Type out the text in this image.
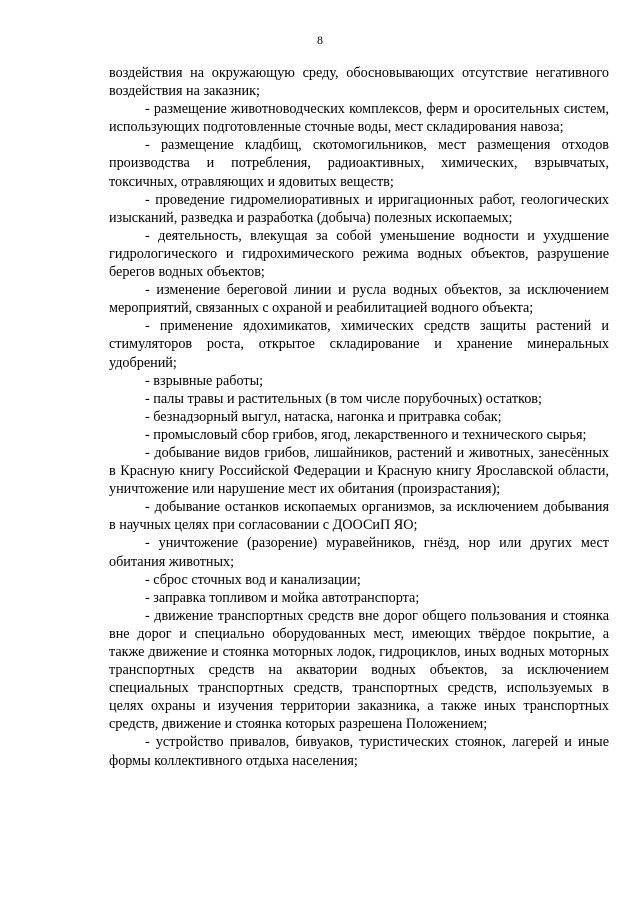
8

воздействия на окружающую среду, обосновывающих отсутствие негативного воздействия на заказник;

- размещение животноводческих комплексов, ферм и оросительных систем, использующих подготовленные сточные воды, мест складирования навоза;

- размещение кладбищ, скотомогильников, мест размещения отходов производства и потребления, радиоактивных, химических, взрывчатых, токсичных, отравляющих и ядовитых веществ;

- проведение гидромелиоративных и ирригационных работ, геологических изысканий, разведка и разработка (добыча) полезных ископаемых;

- деятельность, влекущая за собой уменьшение водности и ухудшение гидрологического и гидрохимического режима водных объектов, разрушение берегов водных объектов;

- изменение береговой линии и русла водных объектов, за исключением мероприятий, связанных с охраной и реабилитацией водного объекта;

- применение ядохимикатов, химических средств защиты растений и стимуляторов роста, открытое складирование и хранение минеральных удобрений;

- взрывные работы;

- палы травы и растительных (в том числе порубочных) остатков;

- безнадзорный выгул, натаска, нагонка и притравка собак;

- промысловый сбор грибов, ягод, лекарственного и технического сырья;

- добывание видов грибов, лишайников, растений и животных, занесённых в Красную книгу Российской Федерации и Красную книгу Ярославской области, уничтожение или нарушение мест их обитания (произрастания);

- добывание останков ископаемых организмов, за исключением добывания в научных целях при согласовании с ДООСиП ЯО;

- уничтожение (разорение) муравейников, гнёзд, нор или других мест обитания животных;

- сброс сточных вод и канализации;

- заправка топливом и мойка автотранспорта;

- движение транспортных средств вне дорог общего пользования и стоянка вне дорог и специально оборудованных мест, имеющих твёрдое покрытие, а также движение и стоянка моторных лодок, гидроциклов, иных водных моторных транспортных средств на акватории водных объектов, за исключением специальных транспортных средств, транспортных средств, используемых в целях охраны и изучения территории заказника, а также иных транспортных средств, движение и стоянка которых разрешена Положением;

- устройство привалов, бивуаков, туристических стоянок, лагерей и иные формы коллективного отдыха населения;
